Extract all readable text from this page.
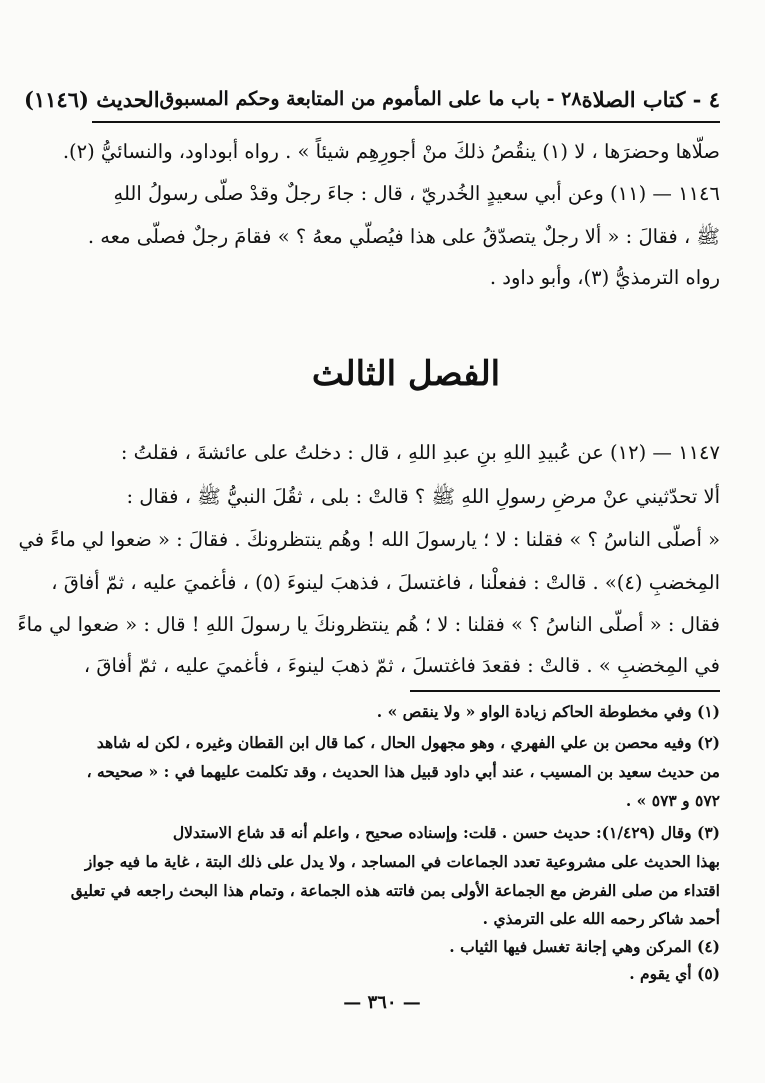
٤ - كتاب الصلاة
٢٨ - باب ما على المأموم من المتابعة وحكم المسبوق
الحديث (١١٤٦)
صلّاها وحضرَها ، لا (١) ينقُصُ ذلكَ منْ أجورِهِم شيئاً » . رواه أبوداود، والنسائيُّ (٢).
١١٤٦ — (١١) وعن أبي سعيدٍ الخُدريّ ، قال : جاءَ رجلٌ وقدْ صلّى رسولُ اللهِ
ﷺ ، فقالَ : « ألا رجلٌ يتصدّقُ على هذا فيُصلّي معهُ ؟ » فقامَ رجلٌ فصلّى معه .
رواه الترمذيُّ (٣)، وأبو داود .
الفصل الثالث
١١٤٧ — (١٢) عن عُبيدِ اللهِ بنِ عبدِ اللهِ ، قال : دخلتُ على عائشةَ ، فقلتُ :
ألا تحدّثيني عنْ مرضِ رسولِ اللهِ ﷺ ؟ قالتْ : بلى ، ثقُلَ النبيُّ ﷺ ، فقال :
« أصلّى الناسُ ؟ » فقلنا : لا ؛ يارسولَ الله ! وهُم ينتظرونكَ . فقالَ : « ضعوا لي ماءً في
المِخضبِ (٤)» . قالتْ : ففعلْنا ، فاغتسلَ ، فذهبَ لينوءَ (٥) ، فأغميَ عليه ، ثمّ أفاقَ ،
فقال : « أصلّى الناسُ ؟ » فقلنا : لا ؛ هُم ينتظرونكَ يا رسولَ اللهِ ! قال : « ضعوا لي ماءً
في المِخضبِ » . قالتْ : فقعدَ فاغتسلَ ، ثمّ ذهبَ لينوءَ ، فأغميَ عليه ، ثمّ أفاقَ ،
(١) وفي مخطوطة الحاكم زيادة الواو « ولا ينقص » .
(٢) وفيه محصن بن علي الفهري ، وهو مجهول الحال ، كما قال ابن القطان وغيره ، لكن له شاهد
من حديث سعيد بن المسيب ، عند أبي داود قبيل هذا الحديث ، وقد تكلمت عليهما في : « صحيحه ،
٥٧٢ و ٥٧٣ » .
(٣) وقال (١/٤٢٩): حديث حسن . قلت: وإسناده صحيح ، واعلم أنه قد شاع الاستدلال
بهذا الحديث على مشروعية تعدد الجماعات في المساجد ، ولا يدل على ذلك البتة ، غاية ما فيه جواز
اقتداء من صلى الفرض مع الجماعة الأولى بمن فاتته هذه الجماعة ، وتمام هذا البحث راجعه في تعليق
أحمد شاكر رحمه الله على الترمذي .
(٤) المركن وهي إجانة تغسل فيها الثياب .
(٥) أي يقوم .
— ٣٦٠ —
